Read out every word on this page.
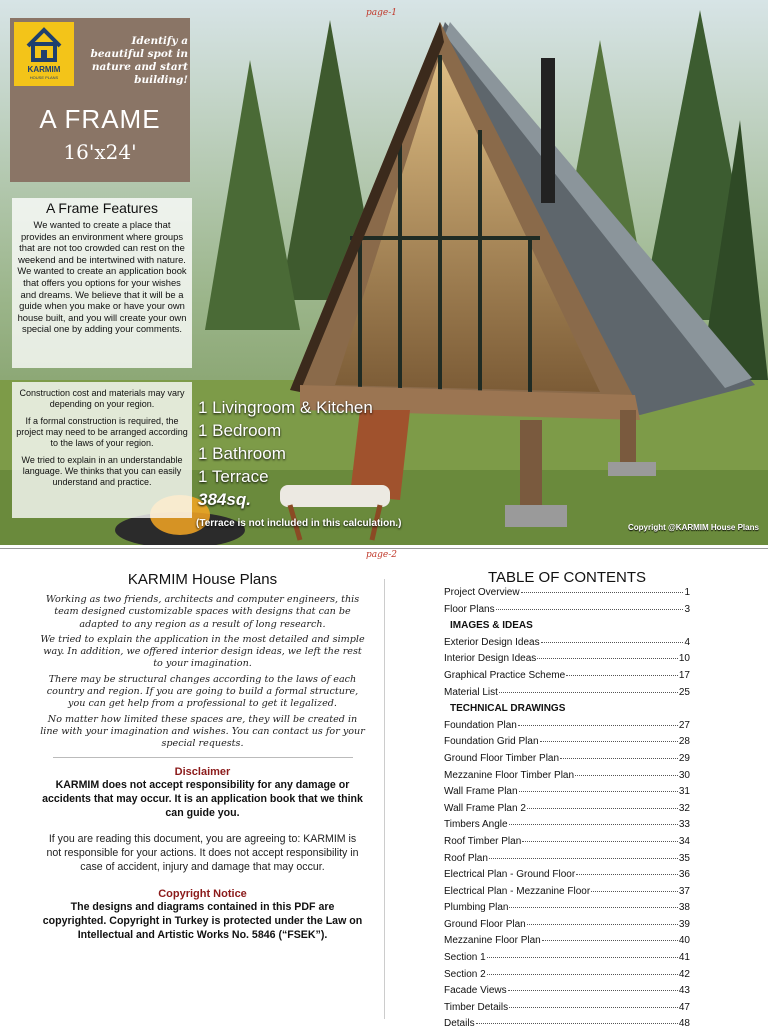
page-1
KARMIM
HOUSE PLANS
Identify a beautiful spot in nature and start building!
A FRAME
16'x24'
A Frame Features

We wanted to create a place that provides an environment where groups that are not too crowded can rest on the weekend and be intertwined with nature. We wanted to create an application book that offers you options for your wishes and dreams. We believe that it will be a guide when you make or have your own house built, and you will create your own special one by adding your comments.

Construction cost and materials may vary depending on your region.

If a formal construction is required, the project may need to be arranged according to the laws of your region.

We tried to explain in an understandable language. We thinks that you can easily understand and practice.

1 Livingroom & Kitchen
1 Bedroom
1 Bathroom
1 Terrace
384sq.
(Terrace is not included in this calculation.)	Copyright @KARMIM House Plans
page-2
KARMIM House Plans

Working as two friends, architects and computer engineers, this team designed customizable spaces with designs that can be adapted to any region as a result of long research.

We tried to explain the application in the most detailed and simple way. In addition, we offered interior design ideas, we left the rest to your imagination.

There may be structural changes according to the laws of each country and region. If you are going to build a formal structure, you can get help from a professional to get it legalized.

No matter how limited these spaces are, they will be created in line with your imagination and wishes. You can contact us for your special requests.

Disclaimer

KARMIM does not accept responsibility for any damage or accidents that may occur. It is an application book that we think can guide you.

If you are reading this document, you are agreeing to: KARMIM is not responsible for your actions. It does not accept responsibility in case of accident, injury and damage that may occur.

Copyright Notice

The designs and diagrams contained in this PDF are copyrighted. Copyright in Turkey is protected under the Law on Intellectual and Artistic Works No. 5846 (“FSEK”).

TABLE OF CONTENTS
Project Overview	1
Floor Plans	3
IMAGES & IDEAS
Exterior Design Ideas	4
Interior Design Ideas	10
Graphical Practice Scheme	17
Material List	25
TECHNICAL DRAWINGS
Foundation Plan	27
Foundation Grid Plan	28
Ground Floor Timber Plan	29
Mezzanine Floor Timber Plan	30
Wall Frame Plan	31
Wall Frame Plan 2	32
Timbers Angle	33
Roof Timber Plan	34
Roof Plan	35
Electrical Plan - Ground Floor	36
Electrical Plan - Mezzanine Floor	37
Plumbing Plan	38
Ground Floor Plan	39
Mezzanine Floor Plan	40
Section 1	41
Section 2	42
Facade Views	43
Timber Details	47
Details	48
